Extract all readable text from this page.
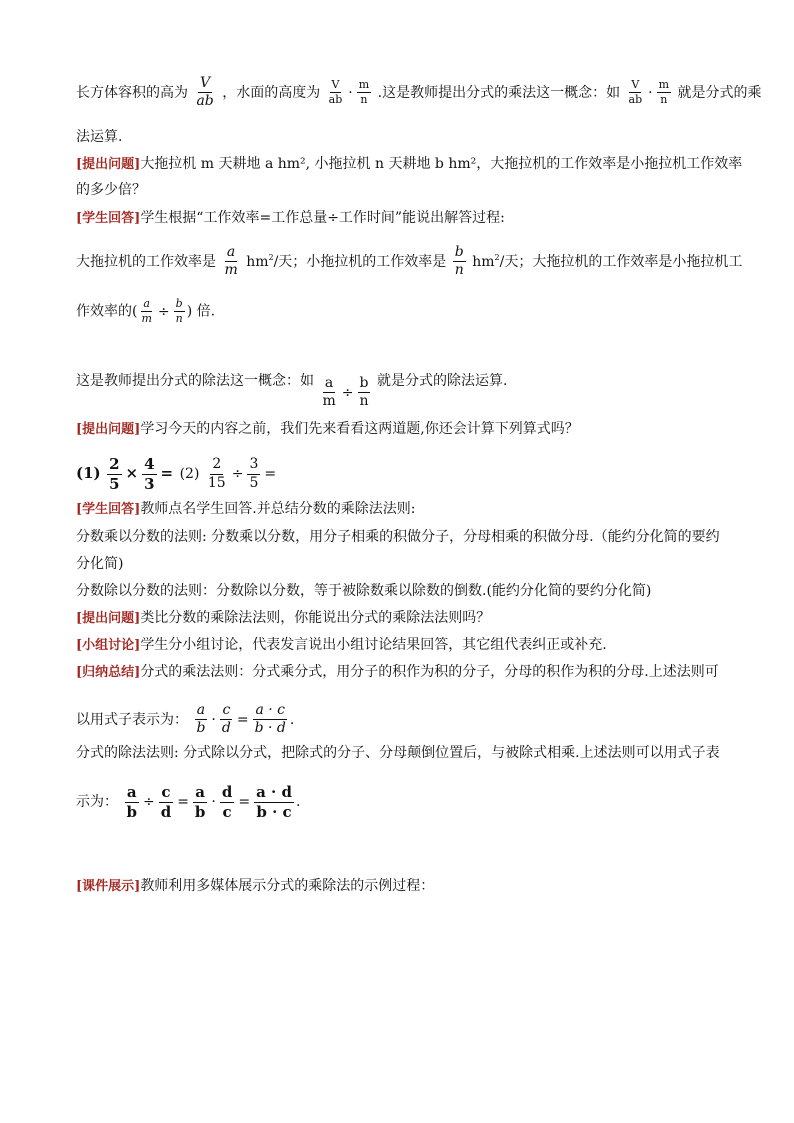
长方体容积的高为 $\frac{V}{ab}$ ，水面的高度为 $\frac{V}{ab} \cdot \frac{m}{n}$ .这是教师提出分式的乘法这一概念：如 $\frac{V}{ab} \cdot \frac{m}{n}$ 就是分式的乘
法运算.
[提出问题]大拖拉机 m 天耕地 a hm², 小拖拉机 n 天耕地 b hm²，大拖拉机的工作效率是小拖拉机工作效率
的多少倍？
[学生回答]学生根据“工作效率=工作总量÷工作时间”能说出解答过程:
大拖拉机的工作效率是 $\frac{a}{m} hm^2/$天；小拖拉机的工作效率是 $\frac{b}{n} hm^2/$天；大拖拉机的工作效率是小拖拉机工
作效率的( $\frac{a}{m} \div \frac{b}{n}$ ) 倍.
这是教师提出分式的除法这一概念：如 $\frac{a}{m} \div \frac{b}{n}$ 就是分式的除法运算.
[提出问题]学习今天的内容之前，我们先来看看这两道题,你还会计算下列算式吗？
$(1) \frac{2}{5} \times \frac{4}{3} = (2) \frac{2}{15} \div \frac{3}{5}$ =
[学生回答]教师点名学生回答.并总结分数的乘除法法则:
分数乘以分数的法则: 分数乘以分数，用分子相乘的积做分子，分母相乘的积做分母.（能约分化简的要约
分化简)
分数除以分数的法则：分数除以分数，等于被除数乘以除数的倒数.(能约分化简的要约分化简)
[提出问题]类比分数的乘除法法则，你能说出分式的乘除法法则吗？
[小组讨论]学生分小组讨论，代表发言说出小组讨论结果回答，其它组代表纠正或补充.
[归纳总结]分式的乘法法则：分式乘分式，用分子的积作为积的分子，分母的积作为积的分母.上述法则可
以用式子表示为： $\frac{a}{b} \cdot \frac{c}{d} = \frac{a \cdot c}{b \cdot d}$ .
分式的除法法则: 分式除以分式，把除式的分子、分母颠倒位置后，与被除式相乘.上述法则可以用式子表
示为： $\frac{a}{b} \div \frac{c}{d} = \frac{a}{b} \cdot \frac{d}{c} = \frac{a \cdot d}{b \cdot c}$ .
[课件展示]教师利用多媒体展示分式的乘除法的示例过程：
